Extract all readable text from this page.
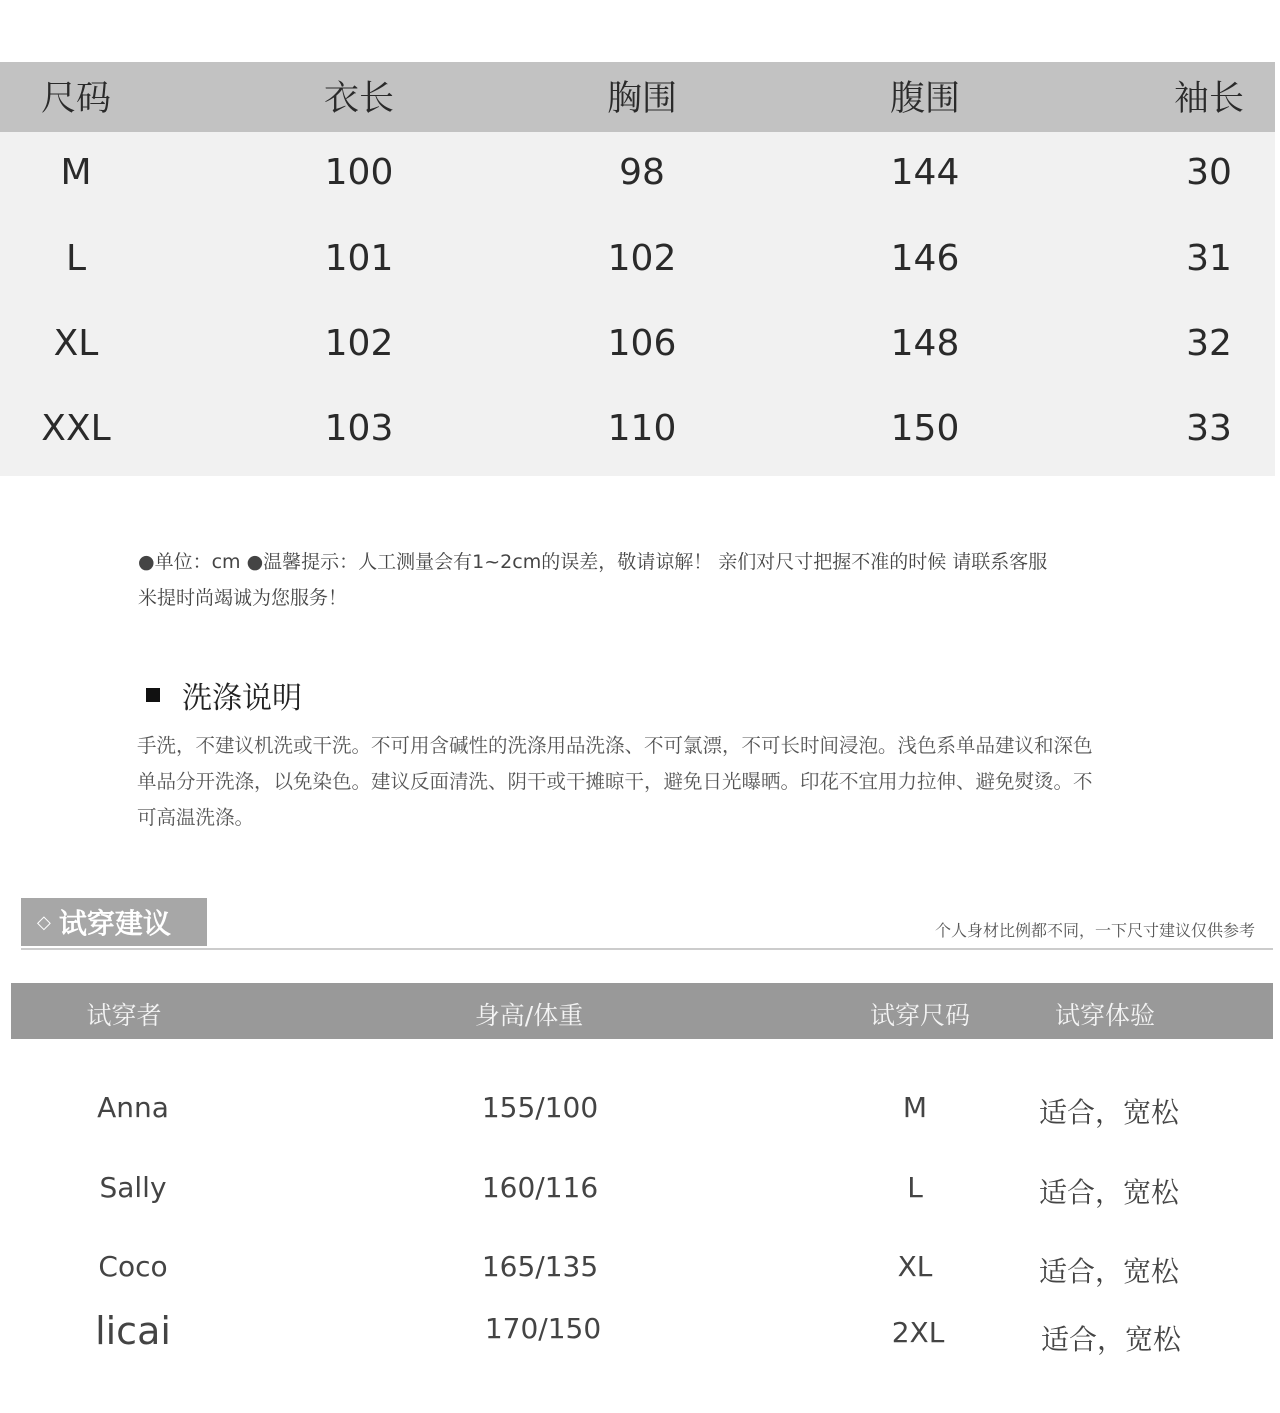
尺码	衣长	胸围	腹围	袖长
M	100	98	144	30
L	101	102	146	31
XL	102	106	148	32
XXL	103	110	150	33
●单位：cm ●温馨提示：人工测量会有1~2cm的误差，敬请谅解！ 亲们对尺寸把握不准的时候 请联系客服
米提时尚竭诚为您服务！
洗涤说明
手洗，不建议机洗或干洗。不可用含碱性的洗涤用品洗涤、不可氯漂，不可长时间浸泡。浅色系单品建议和深色
单品分开洗涤，以免染色。建议反面清洗、阴干或干摊晾干，避免日光曝晒。印花不宜用力拉伸、避免熨烫。不
可高温洗涤。
◇ 试穿建议	个人身材比例都不同，一下尺寸建议仅供参考
试穿者	身高/体重	试穿尺码	试穿体验
Anna	155/100	M	适合，宽松
Sally	160/116	L	适合，宽松
Coco	165/135	XL	适合，宽松
licai	170/150	2XL	适合，宽松
